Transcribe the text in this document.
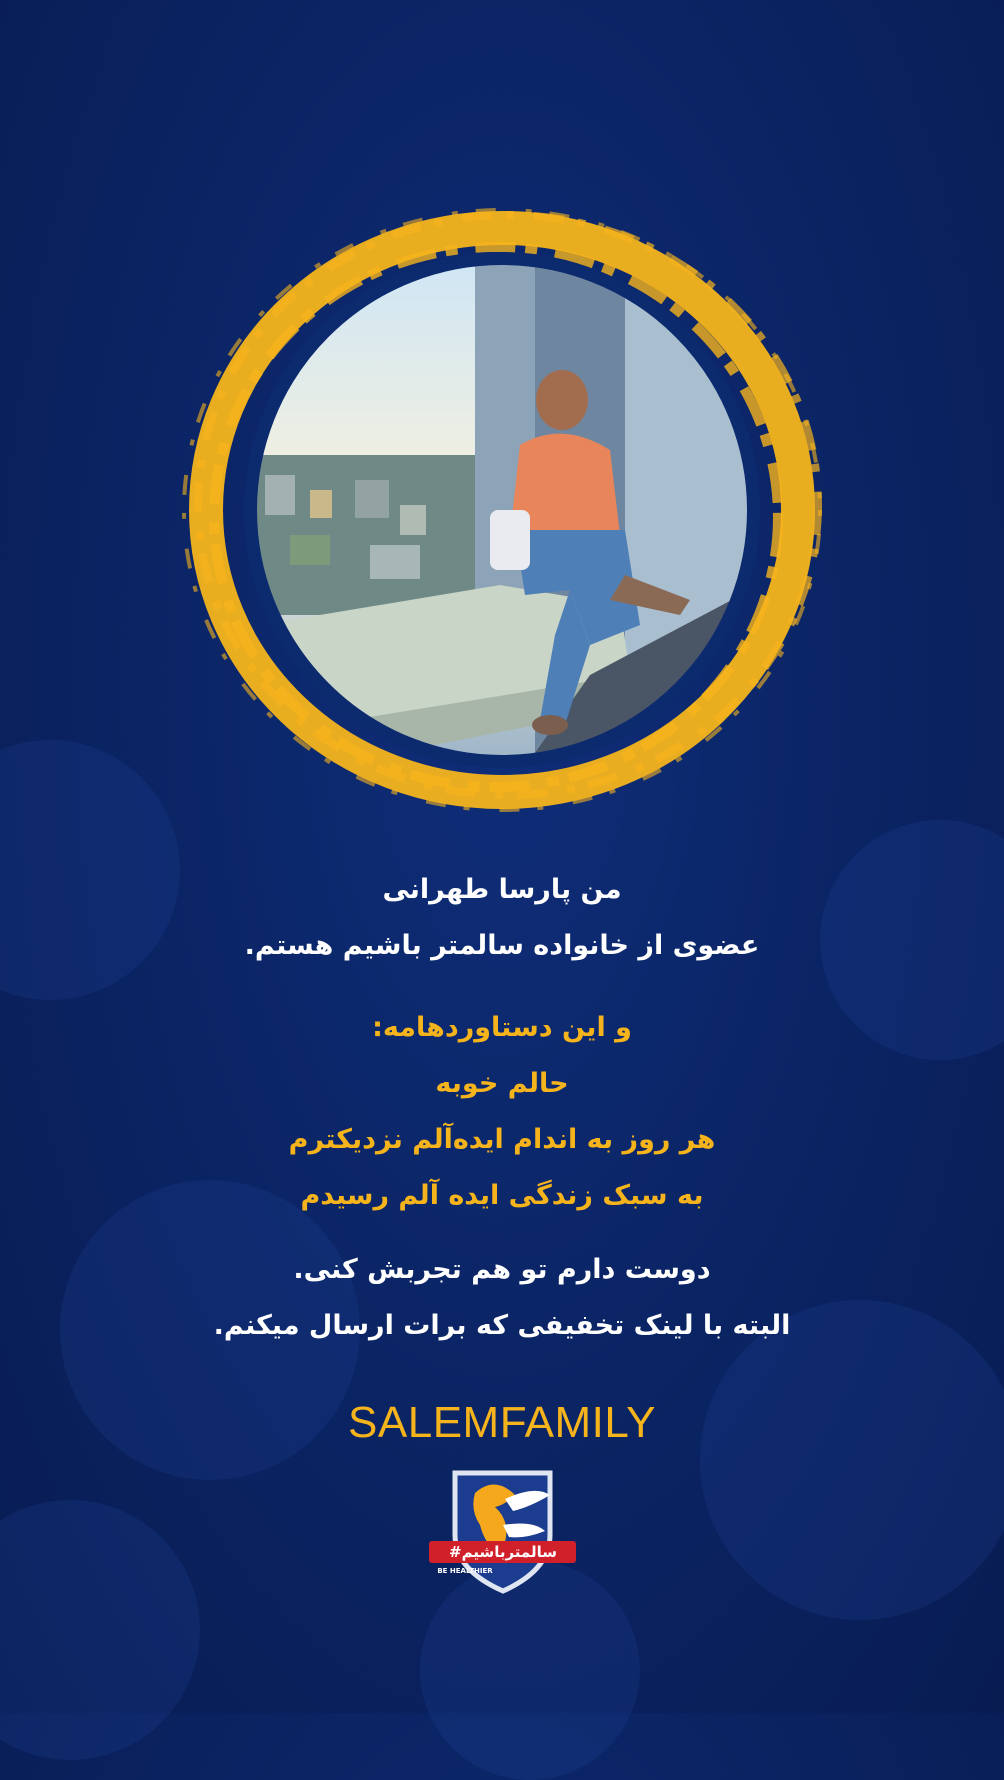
من پارسا طهرانی
عضوی از خانواده سالمتر باشیم هستم.
و این دستاوردهامه:
حالم خوبه
هر روز به اندام ایده‌آلم نزدیکترم
به سبک زندگی ایده آلم رسیدم
دوست دارم تو هم تجربش کنی.
البته با لینک تخفیفی که برات ارسال میکنم.
SALEMFAMILY
#سالمترباشیم
BE HEALTHIER
